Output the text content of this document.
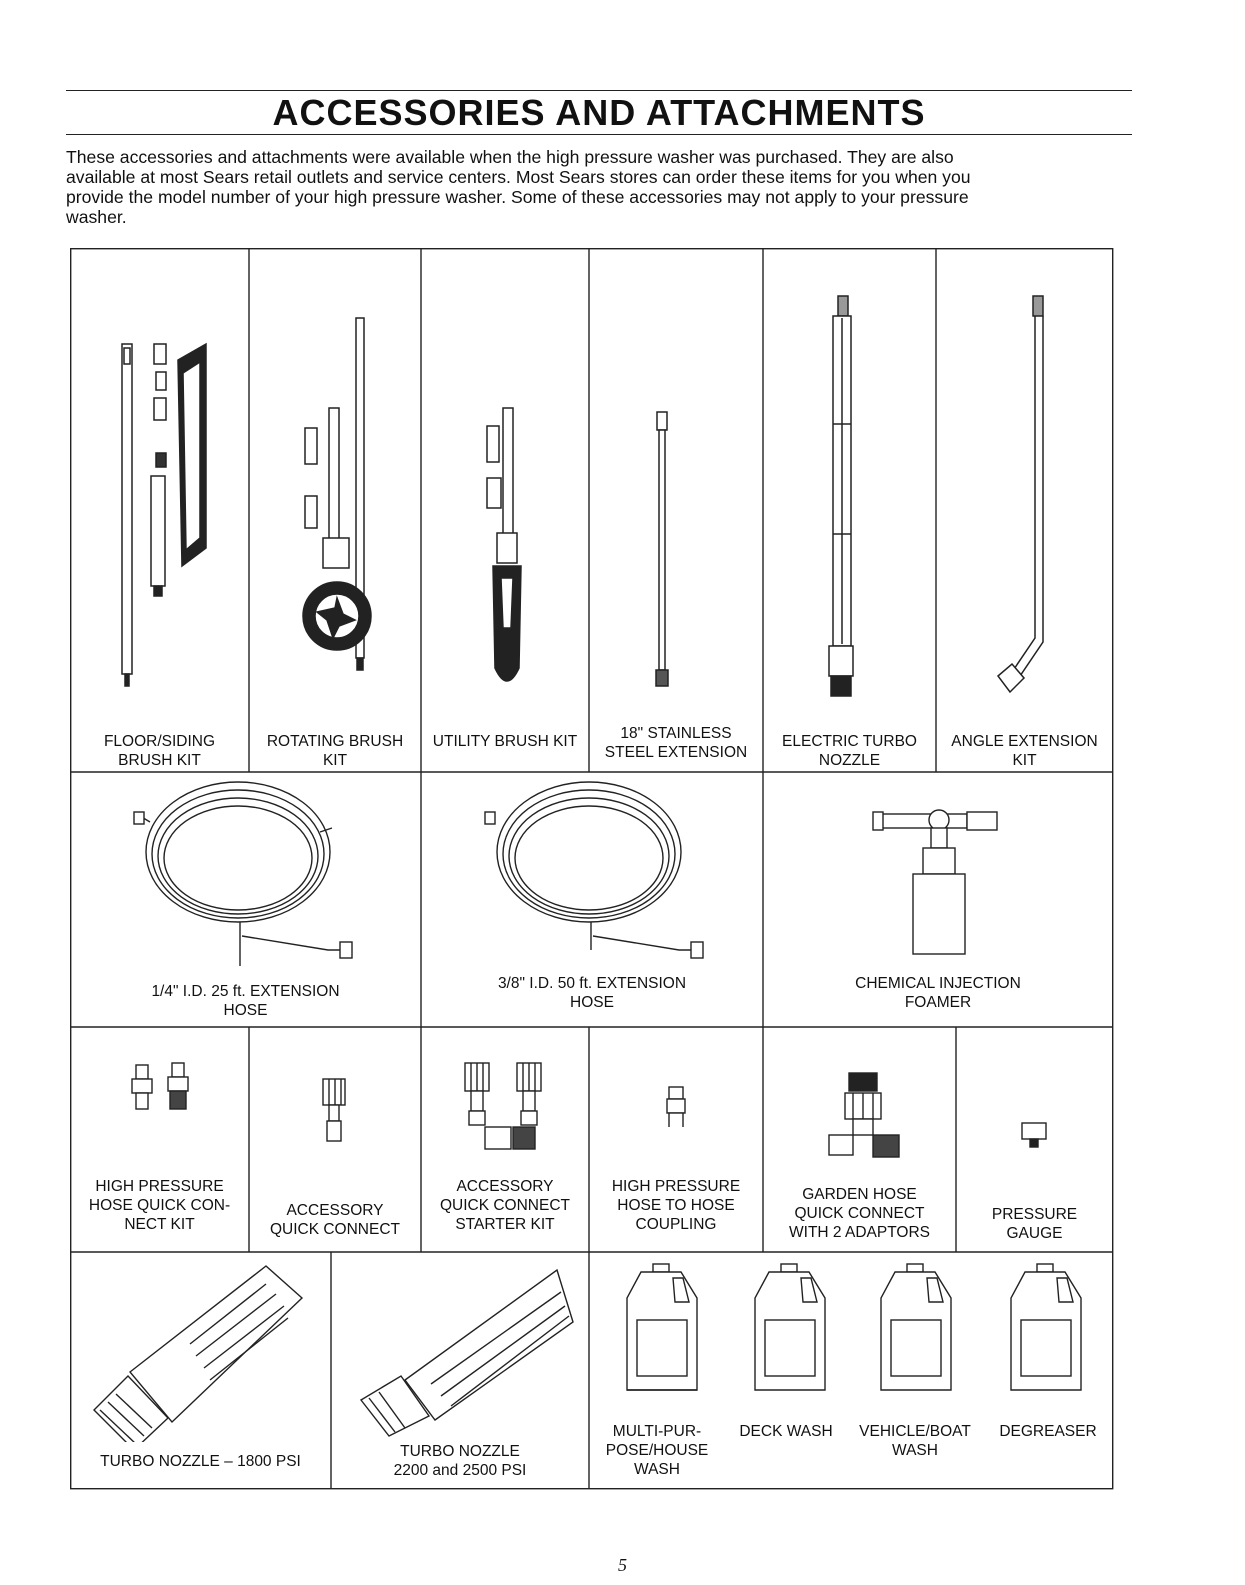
ACCESSORIES AND ATTACHMENTS
These accessories and attachments were available when the high pressure washer was purchased. They are also
available at most Sears retail outlets and service centers. Most Sears stores can order these items for you when you
provide the model number of your high pressure washer. Some of these accessories may not apply to your pressure
washer.
FLOOR/SIDING
BRUSH KIT
ROTATING BRUSH
KIT
UTILITY BRUSH KIT	18" STAINLESS
STEEL EXTENSION
ELECTRIC TURBO
NOZZLE
ANGLE EXTENSION
KIT
1/4" I.D. 25 ft. EXTENSION
HOSE
3/8" I.D. 50 ft. EXTENSION
HOSE
CHEMICAL INJECTION
FOAMER
HIGH PRESSURE
HOSE QUICK CON-
NECT KIT
ACCESSORY
QUICK CONNECT
ACCESSORY
QUICK CONNECT
STARTER KIT
HIGH PRESSURE
HOSE TO HOSE
COUPLING
GARDEN HOSE
QUICK CONNECT
WITH 2 ADAPTORS
PRESSURE
GAUGE
TURBO NOZZLE – 1800 PSI
TURBO NOZZLE
2200 and 2500 PSI
MULTI-PUR-
POSE/HOUSE
WASH
DECK WASH	VEHICLE/BOAT
WASH
DEGREASER
5
